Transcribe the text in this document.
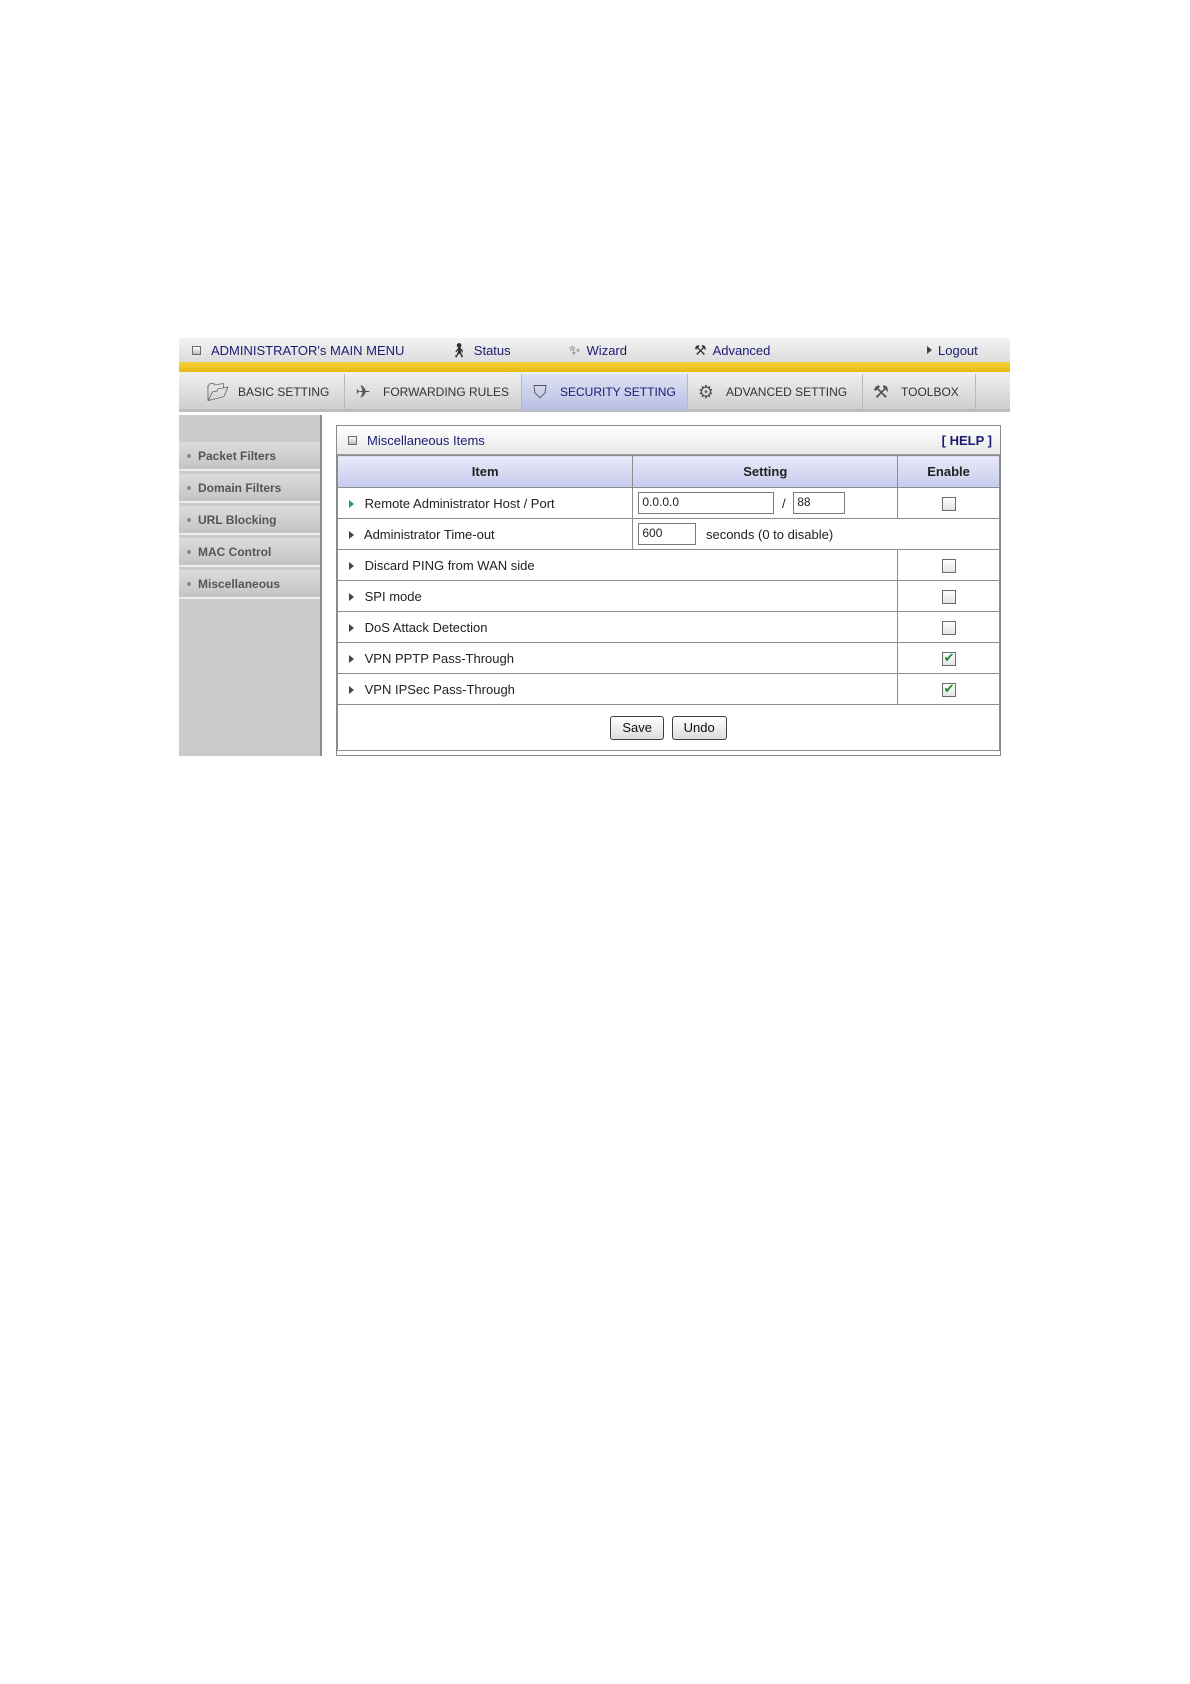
ADMINISTRATOR's MAIN MENU	🚶︎ Status	✨︎ Wizard	⚒︎ Advanced	Logout
📂︎ BASIC SETTING ✈︎	FORWARDING RULES ⛉︎	SECURITY SETTING ⚙︎ ADVANCED SETTING ⚒︎ TOOLBOX
Packet Filters
Domain Filters
URL Blocking
MAC Control
Miscellaneous
Miscellaneous Items	[ HELP ]
Item	Setting	Enable
Remote Administrator Host / Port	0.0.0.0 / 88	
Administrator Time-out	600 seconds (0 to disable)	
Discard PING from WAN side		
SPI mode		
DoS Attack Detection		
VPN PPTP Pass-Through	✔
VPN IPSec Pass-Through	✔
Save Undo		
